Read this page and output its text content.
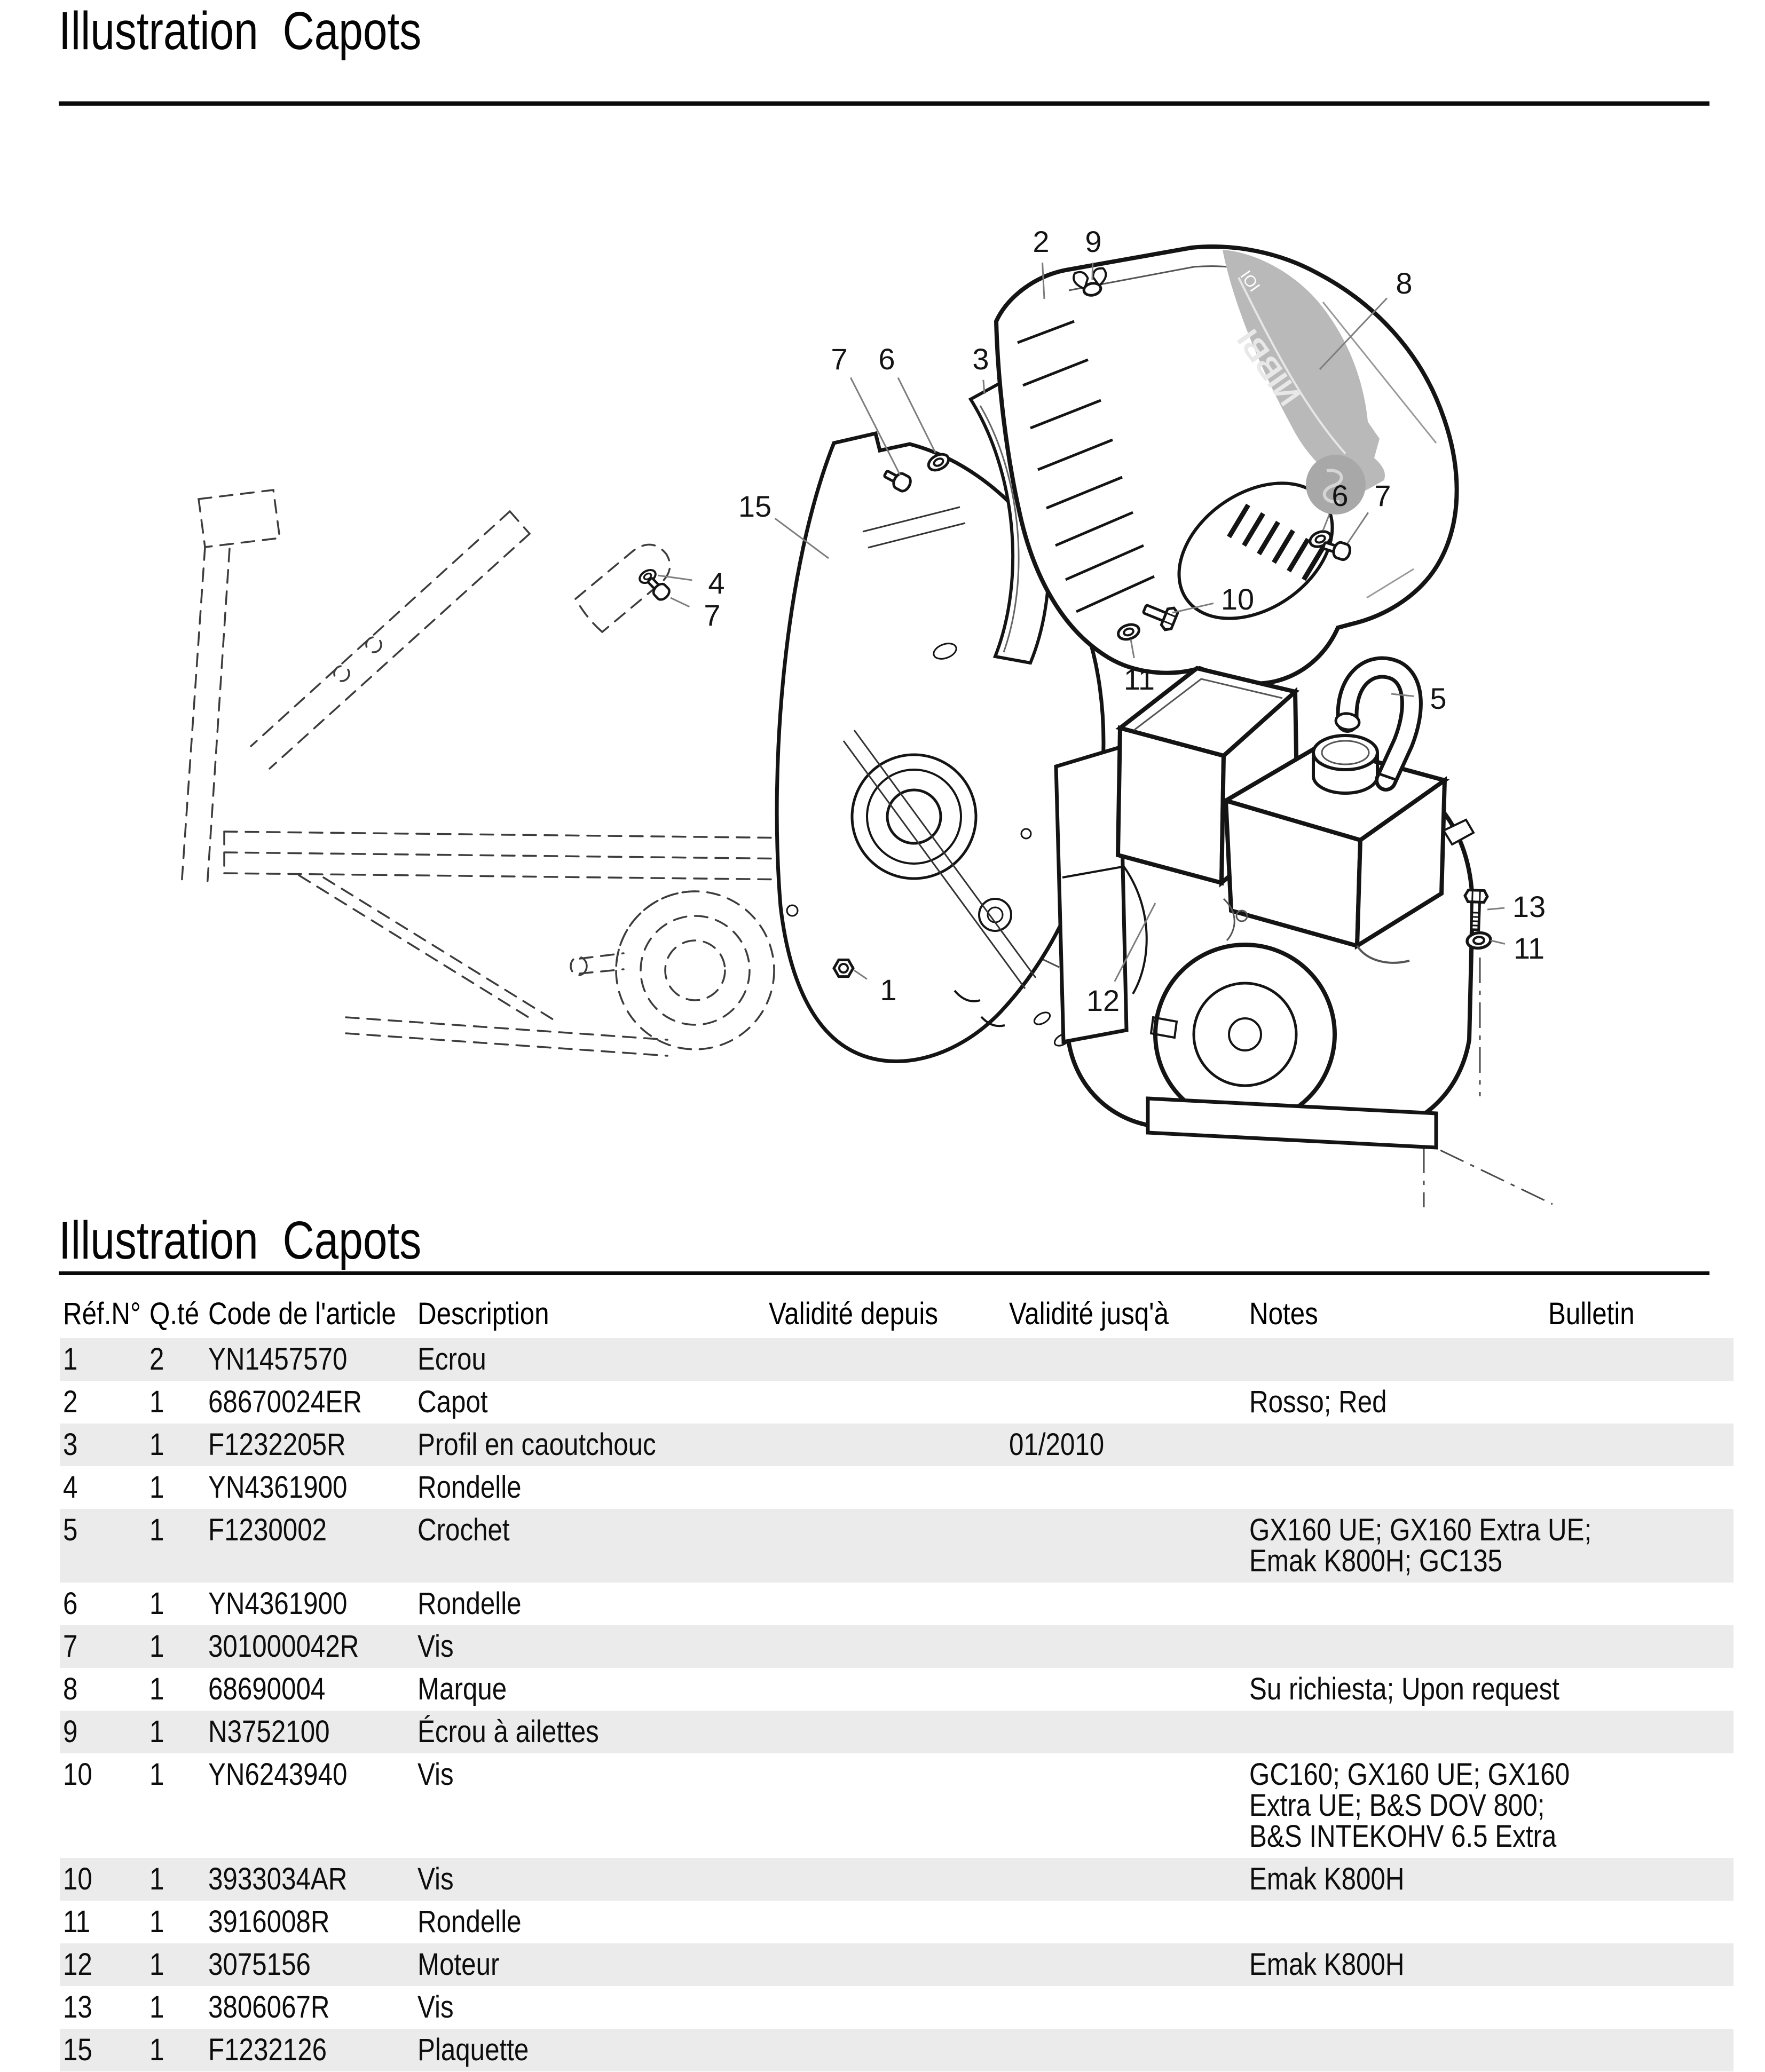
Illustration Capots
NIBBI
IOI
2 9
8
7 6	3
15	6 7
4
7	10
11
5
13
11
1	12
Illustration Capots
Réf.N°	Q.té	Code de l'article	Description	Validité depuis	Validité jusq'à	Notes	Bulletin
1	2	YN1457570	Ecrou				
2	1	68670024ER	Capot			Rosso; Red	

3	1	F1232205R	Profil en caoutchouc		01/2010		
4	1	YN4361900	Rondelle				
5	1	F1230002	Crochet			GX160 UE; GX160 Extra UE;
Emak K800H; GC135	

6	1	YN4361900	Rondelle				
7	1	301000042R	Vis				
8	1	68690004	Marque			Su richiesta; Upon request	

9	1	N3752100	Écrou à ailettes				
10	1	YN6243940	Vis			GC160; GX160 UE; GX160
Extra UE; B&S DOV 800;
B&S INTEKOHV 6.5 Extra	

10	1	3933034AR	Vis			Emak K800H	

11	1	3916008R	Rondelle				
12	1	3075156	Moteur			Emak K800H	

13	1	3806067R	Vis				
15	1	F1232126	Plaquette				
